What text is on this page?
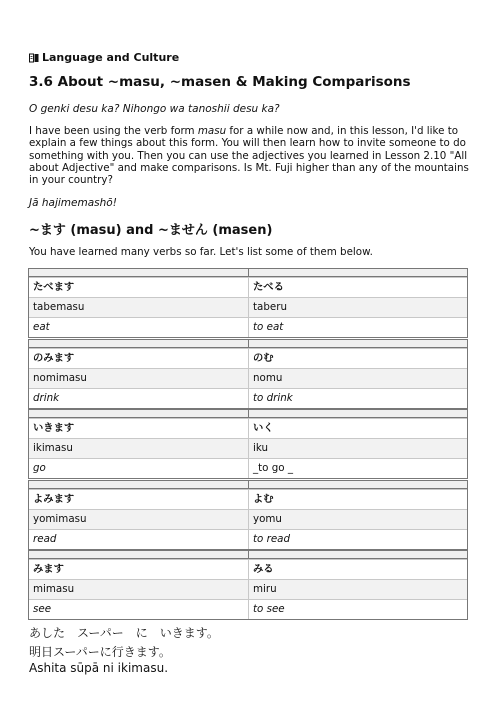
Language and Culture
3.6 About ~masu, ~masen & Making Comparisons
O genki desu ka? Nihongo wa tanoshii desu ka?
I have been using the verb form masu for a while now and, in this lesson, I'd like to explain a few things about this form. You will then learn how to invite someone to do something with you. Then you can use the adjectives you learned in Lesson 2.10 "All about Adjective" and make comparisons. Is Mt. Fuji higher than any of the mountains in your country?
Jā hajimemashō!
~ます (masu) and ~ません (masen)
You have learned many verbs so far. Let's list some of them below.
たべます	たべる
tabemasu	taberu
eat	to eat
のみます	のむ
nomimasu	nomu
drink	to drink
いきます	いく
ikimasu	iku
go	_to go _
よみます	よむ
yomimasu	yomu
read	to read
みます	みる
mimasu	miru
see	to see
あした　スーパー　に　いきます。
明日スーパーに行きます。
Ashita sūpā ni ikimasu.
